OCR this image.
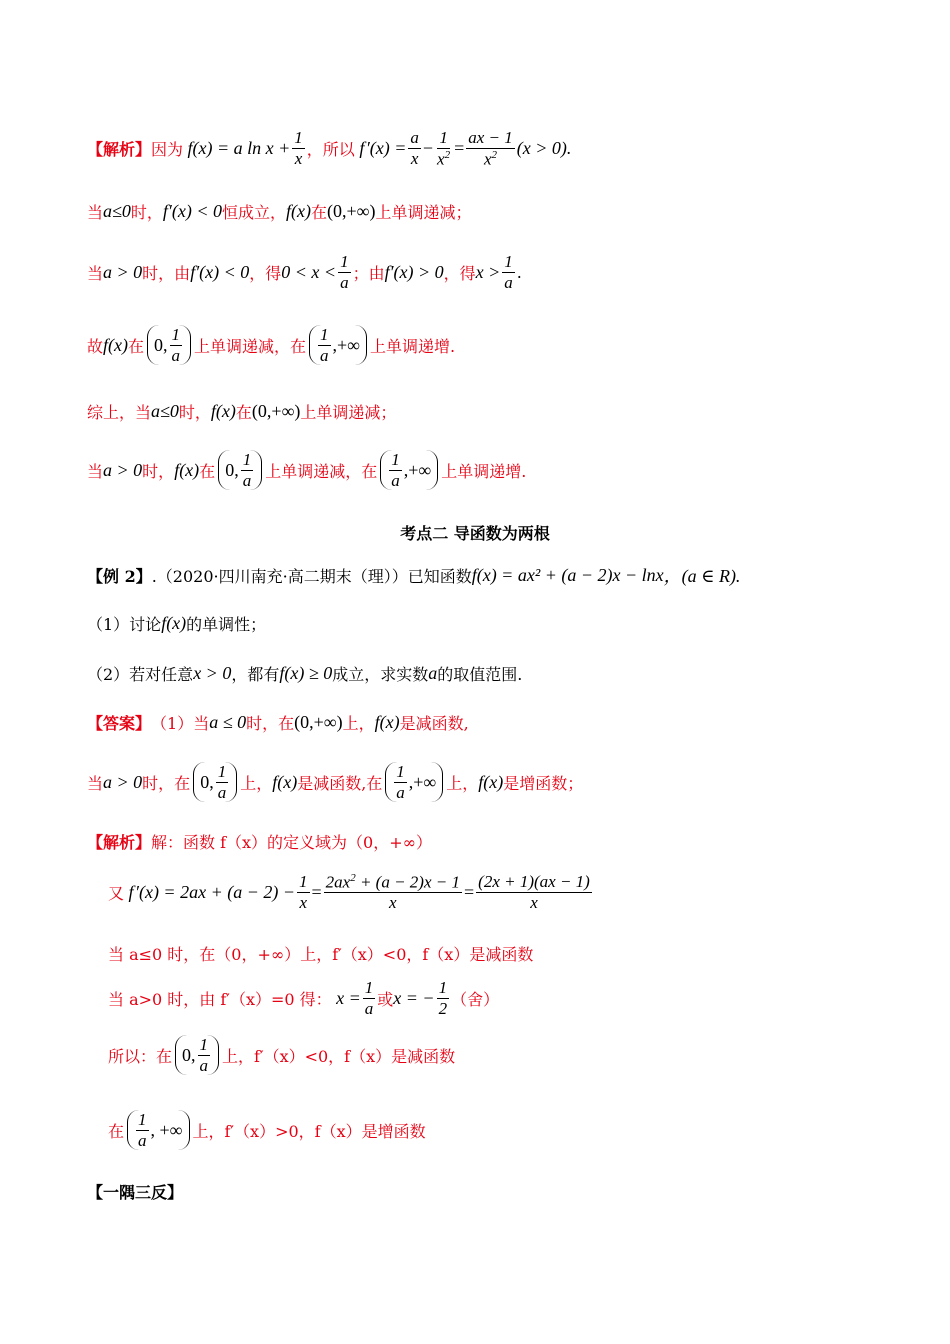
【解析】 因为 f(x) = a $\ln x + \frac{1}{x}$ ，所以 f $'(x) = \frac{a}{x} - \frac{1}{x^2} = \frac{ax - 1}{x^2} (x > 0)$.
当 a≤0 时， f′(x) < 0 恒成立， f(x) 在 (0,+∞) 上单调递减；
当 a > 0 时，由 f′(x) < 0 ，得 $0 < x < \frac{1}{a}$ ；由 f′(x) > 0 ，得 $x > \frac{1}{a}$ .
故 f(x) 在 0, $\frac{1}{a}$ 上单调递减，在 $\frac{1}{a}$ ,+∞ 上单调递增.
综上，当 a≤0 时， f(x) 在 (0,+∞) 上单调递减；
当 a > 0 时， f(x) 在 0, $\frac{1}{a}$ 上单调递减，在 $\frac{1}{a}$ ,+∞ 上单调递增.
考点二 导函数为两根
【例 2】 .（2020·四川南充·高二期末（理））已知函数 f(x) = ax² + (a − 2)x − lnx ，(a ∈ R).
（1）讨论 f(x) 的单调性；
（2）若对任意 x > 0 ，都有 f(x) ≥ 0 成立，求实数 a 的取值范围.
【答案】 （1）当 a ≤ 0 时，在 (0,+∞) 上， f(x) 是减函数,
当 a > 0 时，在 0, $\frac{1}{a}$ 上， f(x) 是减函数,在 $\frac{1}{a}$ ,+∞ 上， f(x) 是增函数；
【解析】 解：函数 f（x）的定义域为（0，+∞）
又 f $'(x) = 2ax + (a - 2) - \frac{1}{x} = \frac{2ax^2 + (a - 2)x - 1}{x} = \frac{(2x + 1)(ax - 1)}{x}$
当 a≤0 时，在（0，+∞）上，f′（x）<0，f（x）是减函数
当 a>0 时，由 f′（x）=0 得： $x = \frac{1}{a}$ 或 x = − $\frac{1}{2}$ （舍）
所以：在 0, $\frac{1}{a}$ 上，f′（x）<0，f（x）是减函数
在 $\frac{1}{a}$ , +∞ 上，f′（x）>0，f（x）是增函数
【一隅三反】
